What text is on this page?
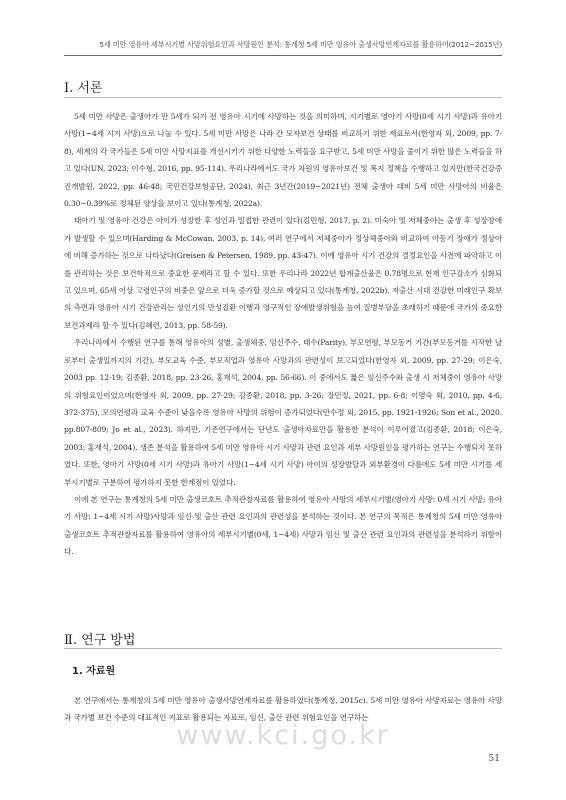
5세 미만 영유아 세부시기별 사망위험요인과 사망원인 분석: 통계청 5세 미만 영유아 출생사망연계자료를 활용하여(2012~2015년)
Ⅰ. 서론

5세 미만 사망은 출생아가 만 5세가 되기 전 영유아 시기에 사망하는 것을 의미하며, 시기별로 영아기 사망(0세 시기 사망)과 유아기 사망(1~4세 시기 사망)으로 나눌 수 있다. 5세 미만 사망은 나라 간 모자보건 상태를 비교하기 위한 제표로서(한영자 외, 2009, pp. 7-8), 세계의 각 국가들은 5세 미만 사망지표를 개선시키기 위한 다양한 노력들을 요구받고, 5세 미만 사망을 줄이기 위한 많은 노력들을 하고 있다(UN, 2023; 이수형, 2016, pp. 95-114). 우리나라에서도 국가 차원의 영유아보건 및 복지 정책을 수행하고 있지만(한국건강증진개발원, 2022, pp. 46-48; 국민건강보험공단, 2024), 최근 3년간(2019~2021년) 전체 출생아 대비 5세 미만 사망아의 비율은 0.30~0.39%로 정체된 양상을 보이고 있다(통계청, 2022a).

태아기 및 영유아 건강은 아이가 성장한 후 성인과 밀접한 관련이 있다(김민형, 2017, p. 2). 미숙아 및 저체중아는 출생 후 성장장애가 발생할 수 있으며(Harding & McCowan, 2003, p. 14), 여러 연구에서 저체중아가 정상체중아와 비교하여 아동기 장애가 정상아에 비해 증가하는 것으로 나타났다(Greisen & Petersen, 1989, pp. 43-47). 이에 영유아 시기 건강의 결정요인을 사전에 파악하고 이를 관리하는 것은 보건학적으로 중요한 문제라고 할 수 있다. 또한 우리나라 2022년 합계출산율은 0.78명으로 현재 인구감소가 심화되고 있으며, 65세 이상 고령인구의 비중은 앞으로 더욱 증가할 것으로 예상되고 있다(통계청, 2022b). 저출산 시대 건강한 미래인구 확보의 측면과 영유아 시기 건강관리는 성인기의 만성질환 이행과 영구적인 장애발생위험을 높여 질병부담을 초래하기 때문에 국가의 중요한 보건과제라 할 수 있다(김혜련, 2013, pp. 58-59).

우리나라에서 수행된 연구를 통해 영유아의 성별, 출생체중, 임신주수, 태수(Parity), 부모연령, 부모동거 기간(부모동거를 시작한 날로부터 출생일까지의 기간), 부모교육 수준, 부모직업과 영유아 사망과의 관련성이 보고되었다(한영자 외, 2009, pp. 27-29; 이은숙, 2003 pp. 12-19; 김종환, 2018, pp. 23-26, 홍재석, 2004, pp. 56-66). 이 중에서도 짧은 임신주수와 출생 시 저체중이 영유아 사망의 위험요인이었으며(한영자 외, 2009, pp. 27-29; 김종환, 2018, pp. 3-26; 장민정, 2021, pp. 6-8; 이명숙 외, 2010, pp. 4-6, 372-375), 모의연령과 교육 수준이 낮을수록 영유아 사망의 위험이 증가되었다(안수정 외, 2015, pp. 1921-1926; Son et al., 2020. pp.807-809; Jo et al., 2023). 하지만, 기존연구에서는 단년도 출생아자료만을 활용한 분석이 이루어졌고(김종환, 2018; 이은숙, 2003; 홍재석, 2004), 생존 분석을 활용하여 5세 미만 영유아 시기 사망과 관련 요인과 세부 사망원인을 평가하는 연구는 수행되지 못하였다. 또한, 영아기 사망(0세 시기 사망)과 유아기 사망(1~4세 시기 사망) 아이의 성장발달과 외부환경이 다름에도 5세 미만 시기를 세부시기별로 구분하여 평가하지 못한 한계점이 있었다.

이에 본 연구는 통계청의 5세 미만 출생코호트 추적관찰자료를 활용하여 영유아 사망의 세부시기별(영아기 사망: 0세 시기 사망; 유아기 사망: 1~4세 시기 사망)사망과 임신 및 출산 관련 요인과의 관련성을 분석하는 것이다. 본 연구의 목적은 통계청의 5세 미만 영유아 출생코호트 추적관찰자료를 활용하여 영유아의 세부시기별(0세, 1~4세) 사망과 임신 및 출산 관련 요인과의 관련성을 분석하기 위함이다.

Ⅱ. 연구 방법
1. 자료원

본 연구에서는 통계청의 5세 미만 영유아 출생사망연계자료를 활용하였다(통계청, 2015c). 5세 미만 영유아 사망자료는 영유아 사망과 국가별 보건 수준의 대표적인 지표로 활용되는 자료로, 임신, 출산 관련 위험요인을 연구하는

www.kci.go.kr
51
